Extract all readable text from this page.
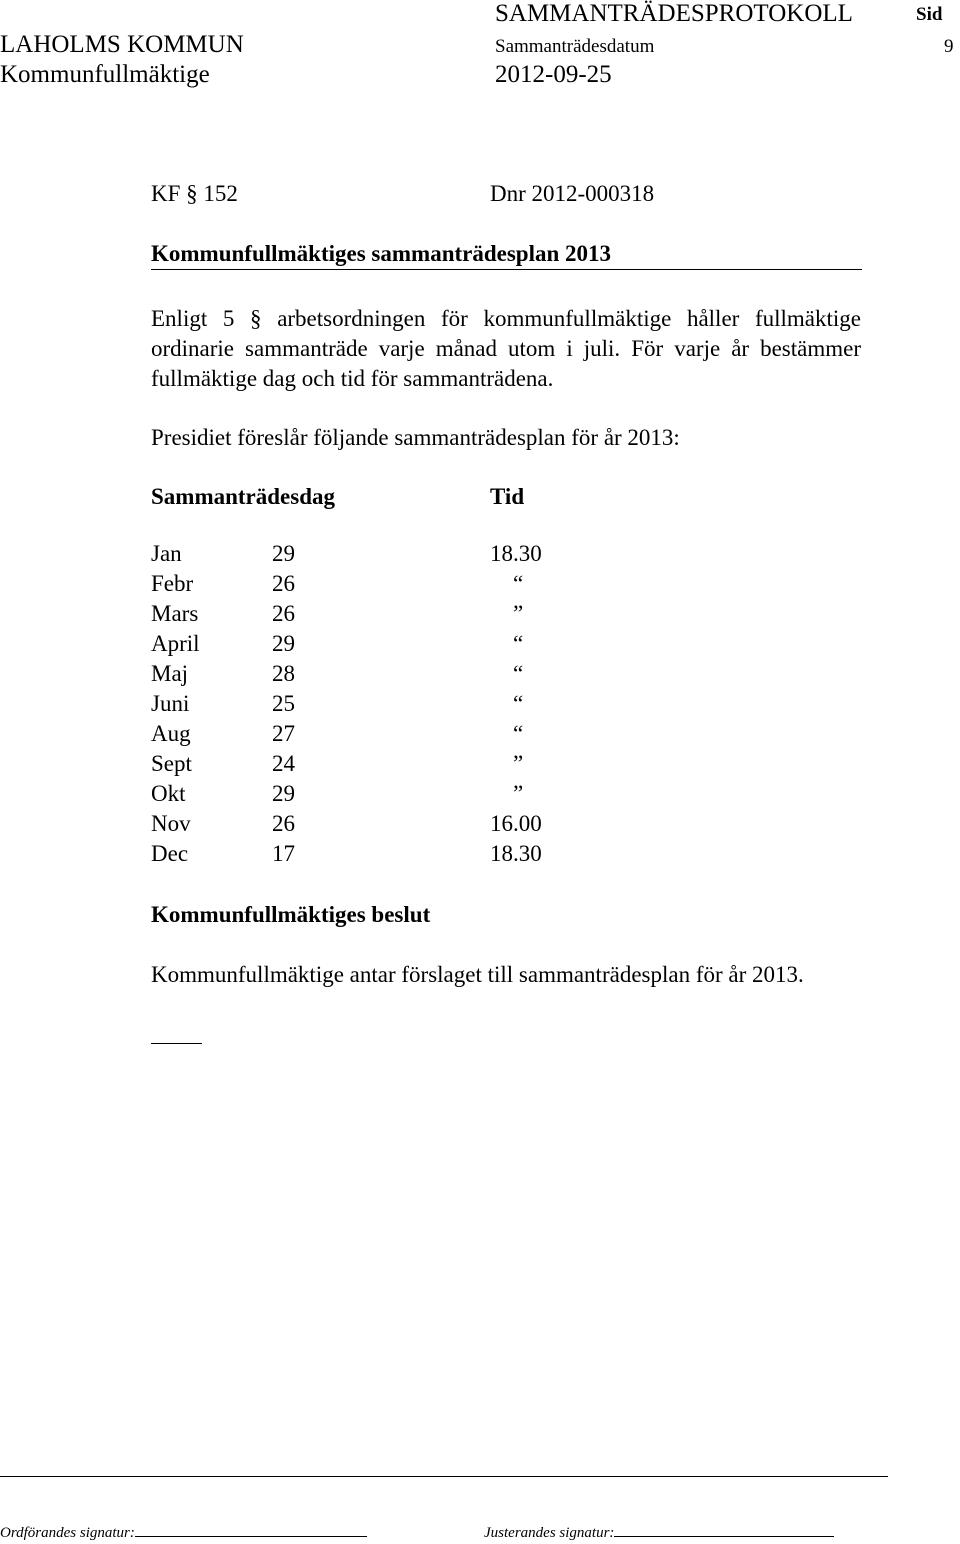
SAMMANTRÄDESPROTOKOLL	Sid
LAHOLMS KOMMUN	Sammanträdesdatum	9
Kommunfullmäktige	2012-09-25
KF § 152	Dnr 2012-000318
Kommunfullmäktiges sammanträdesplan 2013
Enligt 5 § arbetsordningen för kommunfullmäktige håller fullmäktige ordinarie sammanträde varje månad utom i juli. För varje år bestämmer fullmäktige dag och tid för sammanträdena.
Presidiet föreslår följande sammanträdesplan för år 2013:
Sammanträdesdag	Tid
Jan	29	18.30
Febr	26	“
Mars	26	”
April	29	“
Maj	28	“
Juni	25	“
Aug	27	“
Sept	24	”
Okt	29	”
Nov	26	16.00
Dec	17	18.30
Kommunfullmäktiges beslut
Kommunfullmäktige antar förslaget till sammanträdesplan för år 2013.
Ordförandes signatur:	Justerandes signatur:
